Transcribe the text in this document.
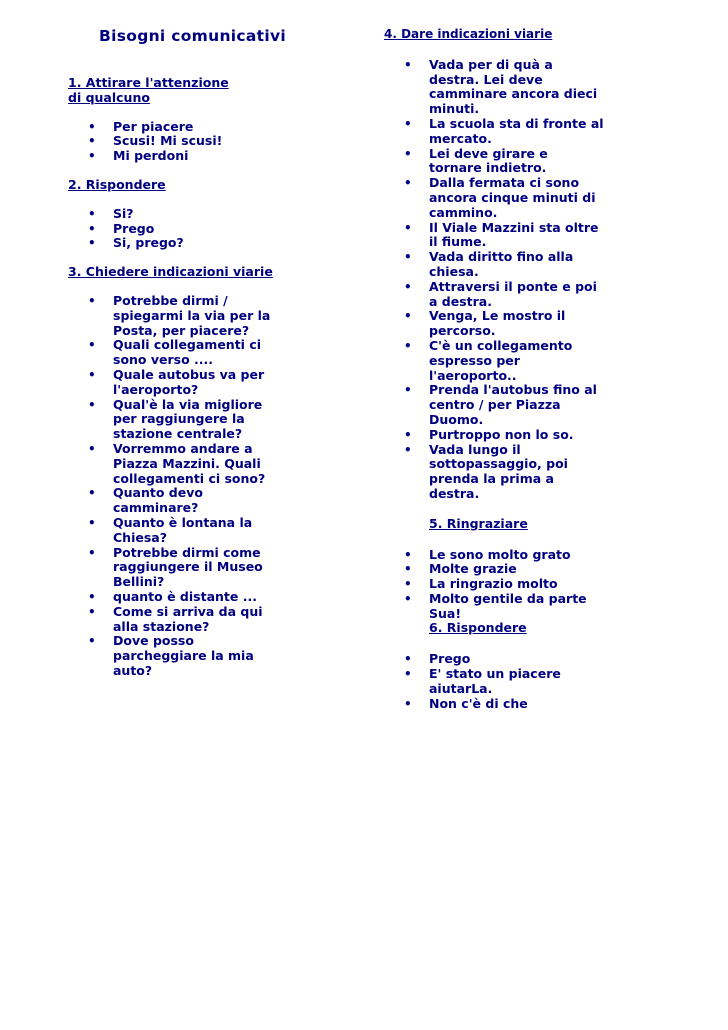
Bisogni comunicativi
1. Attirare l'attenzione di qualcuno
• Per piacere
• Scusi! Mi scusi!
• Mi perdoni
2. Rispondere
• Si?
• Prego
• Si, prego?
3. Chiedere indicazioni viarie
• Potrebbe dirmi / spiegarmi la via per la Posta, per piacere?
• Quali collegamenti ci sono verso ....
• Quale autobus va per l'aeroporto?
• Qual'è la via migliore per raggiungere la stazione centrale?
• Vorremmo andare a Piazza Mazzini. Quali collegamenti ci sono?
• Quanto devo camminare?
• Quanto è lontana la Chiesa?
• Potrebbe dirmi come raggiungere il Museo Bellini?
• quanto è distante ...
• Come si arriva da qui alla stazione?
• Dove posso parcheggiare la mia auto?
4. Dare indicazioni viarie
• Vada per di quà a destra. Lei deve camminare ancora dieci minuti.
• La scuola sta di fronte al mercato.
• Lei deve girare e tornare indietro.
• Dalla fermata ci sono ancora cinque minuti di cammino.
• Il Viale Mazzini sta oltre il fiume.
• Vada diritto fino alla chiesa.
• Attraversi il ponte e poi a destra.
• Venga, Le mostro il percorso.
• C'è un collegamento espresso per l'aeroporto..
• Prenda l'autobus fino al centro / per Piazza Duomo.
• Purtroppo non lo so.
• Vada lungo il sottopassaggio, poi prenda la prima a destra.
5. Ringraziare
• Le sono molto grato
• Molte grazie
• La ringrazio molto
• Molto gentile da parte Sua!
6. Rispondere
• Prego
• E' stato un piacere aiutarLa.
• Non c'è di che
